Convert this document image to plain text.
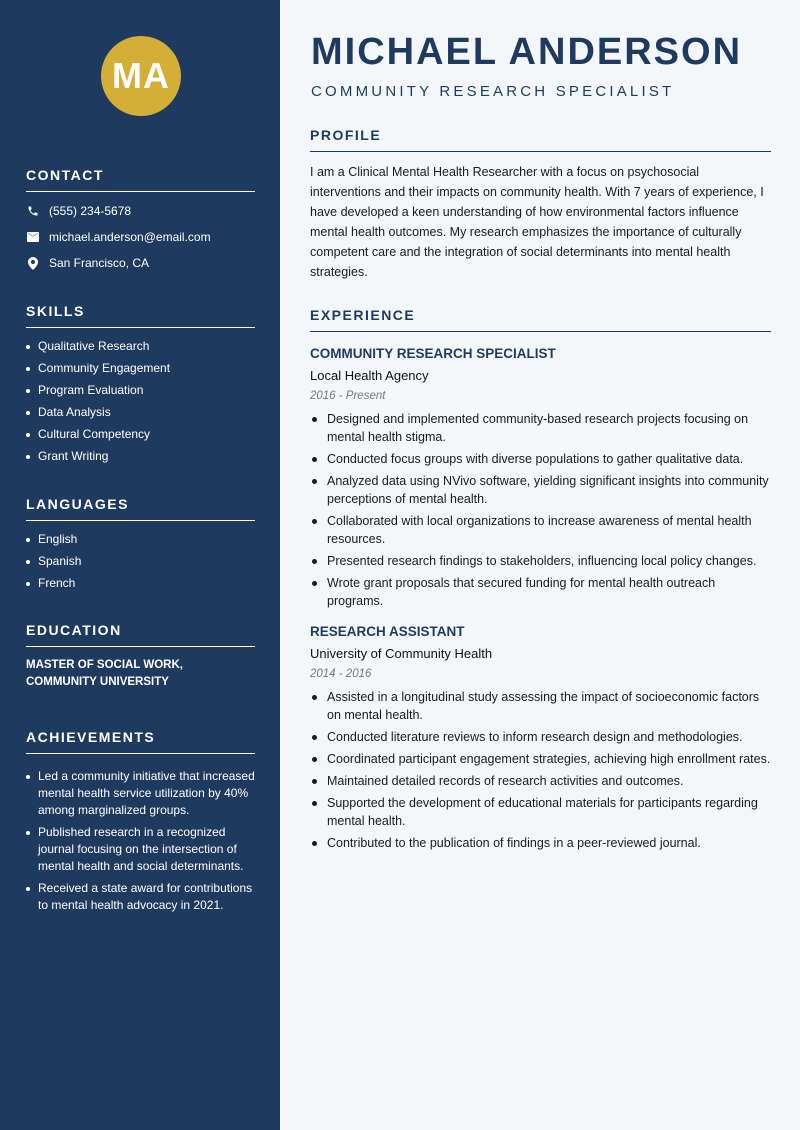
MA
CONTACT
(555) 234-5678
michael.anderson@email.com
San Francisco, CA
SKILLS
Qualitative Research
Community Engagement
Program Evaluation
Data Analysis
Cultural Competency
Grant Writing
LANGUAGES
English
Spanish
French
EDUCATION
MASTER OF SOCIAL WORK,
COMMUNITY UNIVERSITY
ACHIEVEMENTS
Led a community initiative that increased mental health service utilization by 40% among marginalized groups.
Published research in a recognized journal focusing on the intersection of mental health and social determinants.
Received a state award for contributions to mental health advocacy in 2021.
MICHAEL ANDERSON
COMMUNITY RESEARCH SPECIALIST
PROFILE
I am a Clinical Mental Health Researcher with a focus on psychosocial interventions and their impacts on community health. With 7 years of experience, I have developed a keen understanding of how environmental factors influence mental health outcomes. My research emphasizes the importance of culturally competent care and the integration of social determinants into mental health strategies.
EXPERIENCE
COMMUNITY RESEARCH SPECIALIST
Local Health Agency
2016 - Present
Designed and implemented community-based research projects focusing on mental health stigma.
Conducted focus groups with diverse populations to gather qualitative data.
Analyzed data using NVivo software, yielding significant insights into community perceptions of mental health.
Collaborated with local organizations to increase awareness of mental health resources.
Presented research findings to stakeholders, influencing local policy changes.
Wrote grant proposals that secured funding for mental health outreach programs.
RESEARCH ASSISTANT
University of Community Health
2014 - 2016
Assisted in a longitudinal study assessing the impact of socioeconomic factors on mental health.
Conducted literature reviews to inform research design and methodologies.
Coordinated participant engagement strategies, achieving high enrollment rates.
Maintained detailed records of research activities and outcomes.
Supported the development of educational materials for participants regarding mental health.
Contributed to the publication of findings in a peer-reviewed journal.
